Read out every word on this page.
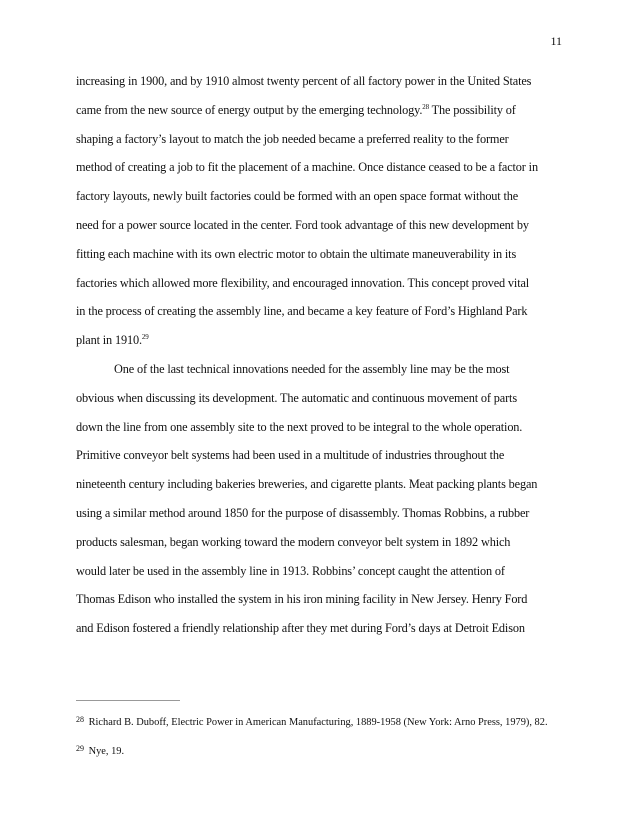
11
increasing in 1900, and by 1910 almost twenty percent of all factory power in the United States
came from the new source of energy output by the emerging technology.$^{28}$ The possibility of
shaping a factory’s layout to match the job needed became a preferred reality to the former
method of creating a job to fit the placement of a machine. Once distance ceased to be a factor in
factory layouts, newly built factories could be formed with an open space format without the
need for a power source located in the center. Ford took advantage of this new development by
fitting each machine with its own electric motor to obtain the ultimate maneuverability in its
factories which allowed more flexibility, and encouraged innovation. This concept proved vital
in the process of creating the assembly line, and became a key feature of Ford’s Highland Park
plant in 1910.29
One of the last technical innovations needed for the assembly line may be the most
obvious when discussing its development. The automatic and continuous movement of parts
down the line from one assembly site to the next proved to be integral to the whole operation.
Primitive conveyor belt systems had been used in a multitude of industries throughout the
nineteenth century including bakeries breweries, and cigarette plants. Meat packing plants began
using a similar method around 1850 for the purpose of disassembly. Thomas Robbins, a rubber
products salesman, began working toward the modern conveyor belt system in 1892 which
would later be used in the assembly line in 1913. Robbins’ concept caught the attention of
Thomas Edison who installed the system in his iron mining facility in New Jersey. Henry Ford
and Edison fostered a friendly relationship after they met during Ford’s days at Detroit Edison
$^{28}$ Richard B. Duboff, Electric Power in American Manufacturing, 1889-1958 (New York: Arno Press, 1979), 82.
$^{29}$ Nye, 19.
